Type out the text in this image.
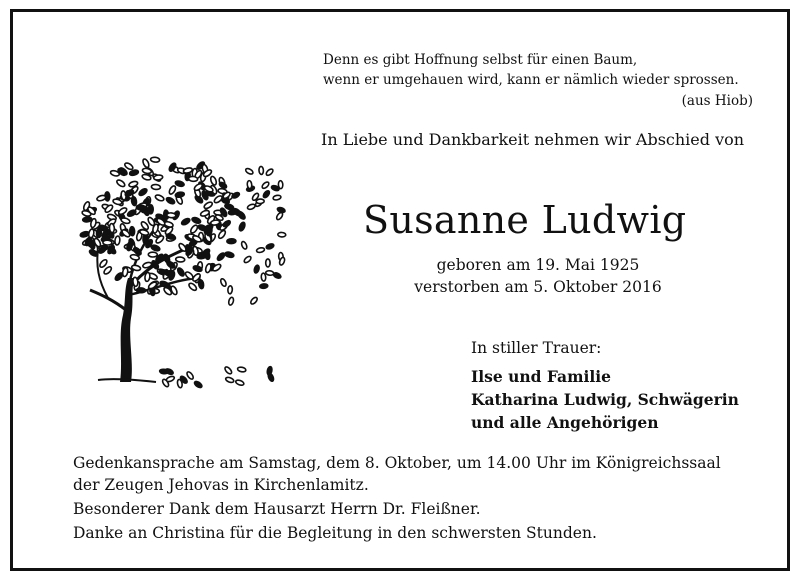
Denn es gibt Hoffnung selbst für einen Baum,
wenn er umgehauen wird, kann er nämlich wieder sprossen.
(aus Hiob)
In Liebe und Dankbarkeit nehmen wir Abschied von
Susanne Ludwig
geboren am 19. Mai 1925
verstorben am 5. Oktober 2016
In stiller Trauer:
Ilse und Familie
Katharina Ludwig, Schwägerin
und alle Angehörigen
Gedenkansprache am Samstag, dem 8. Oktober, um 14.00 Uhr im Königreichssaal
der Zeugen Jehovas in Kirchenlamitz.
Besonderer Dank dem Hausarzt Herrn Dr. Fleißner.
Danke an Christina für die Begleitung in den schwersten Stunden.
